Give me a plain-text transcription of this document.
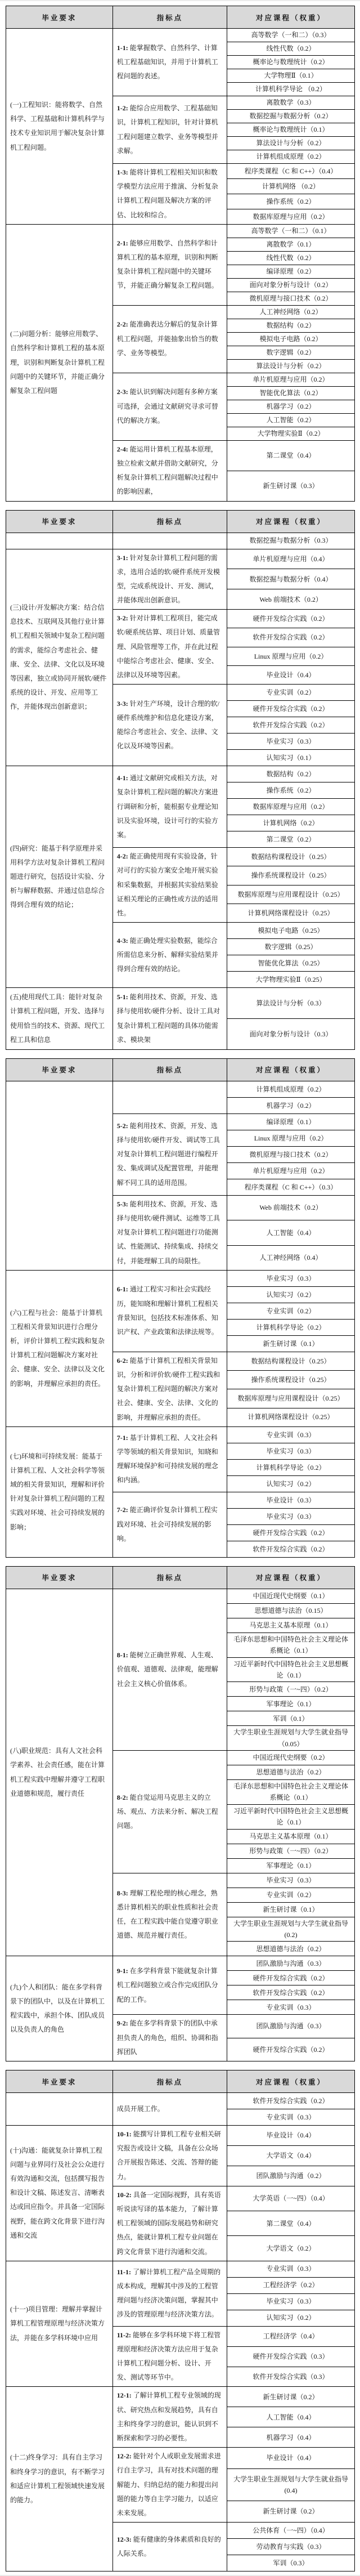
毕业要求	指标点	对应课程（权重）
(一)工程知识：能将数学、自然科学、工程基础和计算机科学与技术专业知识用于解决复杂计算机工程问题。	1-1: 能掌握数学、自然科学、计算机工程基础知识，并用于计算机工程问题的表述。	高等数学（一和二）（0.3）
		线性代数（0.2）
		概率论与数理统计（0.2）
		大学物理Ⅱ（0.1）
		计算机科学导论 （0.2）
	1-2: 能综合应用数学、工程基础知识，计算机工程知识，针对计算机工程问题建立数学、业务等模型并求解。	离散数学（0.3）
		数据挖掘与数据分析（0.2）
		概率论与数理统计（0.1）
		算法设计与分析（0.2）
		计算机组成原理（0.2）
	1-3: 能将计算机工程相关知识和数学模型方法应用于推演、分析复杂计算机工程问题及解决方案的评估、比较和综合。	程序类课程（C 和 C++）（0.4）
		计算机网络 （0.2）
		操作系统（0.2）
		数据库原理与应用（0.2）
(二)问题分析：能够应用数学、自然科学和计算机工程的基本原理，识别和判断复杂计算机工程问题中的关键环节，并能正确分解复杂工程问题	2-1: 能够应用数学、自然科学和计算机工程的基本原理，识别和判断复杂计算机工程问题中的关键环节，并能正确分解复杂工程问题。	高等数学（一和二）（0.1）
		离散数学（0.1）
		线性代数（0.2）
		编译原理（0.2）
		面向对象分析与设计（0.2）
		微机原理与接口技术（0.2）
	2-2: 能准确表达分解后的复杂计算机工程问题，并能抽象出恰当的数学、业务等模型。	人工神经网络（0.2）
		数据结构（0.2）
		模拟电子电路（0.2）
		数字逻辑（0.2）
		算法设计与分析（0.2）
	2-3: 能认识到解决问题有多种方案可选择，会通过文献研究寻求可替代的解决方案。	单片机原理与应用（0.2）
		智能优化算法（0.2）
		机器学习（0.2）
		人工智能（0.2）
		大学物理实验Ⅱ（0.2）
	2-4: 能运用计算机工程基本原理，独立检索文献并借助文献研究，分析复杂计算机工程问题解决过程中的影响因素，	第二课堂（0.4）
		新生研讨课（0.3）
毕业要求	指标点	对应课程（权重）
		数据挖掘与数据分析（0.3）
(三)设计/开发解决方案：结合信息技术、互联网及其他行业计算机工程相关领域中复杂工程问题的需求，能综合考虑社会、健康、安全、法律、文化以及环境等因素，独立或协同开展软/硬件系统的设计、开发、应用等工作，并能体现出创新意识；	3-1: 针对复杂计算机工程问题的需求，选用合适的软/硬件系统开发模型，完成系统设计、开发、测试，并能体现出创新意识。	单片机原理与应用（0.4）
		数据挖掘与数据分析（0.4）
		Web 前端技术（0.2）
	3-2: 针对计算机工程项目，能完成软/硬系统估算、项目计划、质量管理、风险管理等工作，并在此过程中能综合考虑社会、健康、安全、法律以及环境等因素。	硬件开发综合实践（0.2）
		软件开发综合实践（0.2）
		Linux 原理与应用（0.2）
		毕业设计（0.4）
	3-3: 针对生产环境，设计合理的软/硬件系统维护和信息化建设方案，能综合考虑社会、安全、法律、文化以及环境等因素。	专业实训（0.2）
		硬件开发综合实践（0.2）
		软件开发综合实践（0.2）
		毕业实习（0.3）
		认知实习（0.1）
(四)研究：能基于科学原理并采用科学方法对复杂计算机工程问题进行研究，包括设计实验、分析与解释数据、并通过信息综合得到合理有效的结论；	4-1: 通过文献研究或相关方法，对复杂计算机工程问题的解决方案进行调研和分析，能根据专业理论知识及实验环境，设计可行的实验方案。	数据结构（0.2）
		操作系统（0.2）
		数据库原理与应用（0.2）
		计算机网络（0.2）
		第二课堂（0.2）
	4-2: 能正确使用现有实验设备，针对可行的实验方案安全地开展实验和采集数据，并根据其实验结果验证相关理论的正确性或方法的适用性。	数据结构课程设计（0.25）
		操作系统课程设计（0.25）
		数据库原理与应用课程设计（0.25）
		计算机网络课程设计（0.25）
	4-3: 能正确处理实验数据，能综合所需信息来分析、解释实验结果并得到合理有效的结论。	模拟电子电路（0.25）
		数字逻辑（0.25）
		智能优化算法（0.25）
		大学物理实验Ⅱ（0.25）
(五)使用现代工具：能针对复杂计算机工程问题，开发、选择与使用恰当的技术、资源、现代工程工具和信息	5-1: 能利用技术、资源，开发、选择与使用软/硬件分析、设计工具对复杂计算机工程问题的具体功能需求、模块架	算法设计与分析（0.3）
		面向对象分析与设计（0.3）
毕业要求	指标点	对应课程（权重）
		计算机组成原理（0.2）
		机器学习（0.2）
	5-2: 能利用技术、资源，开发、选择与使用软/硬件开发、调试等工具对复杂计算机工程问题进行编程开发、集成调试及配置管理，并能理解不同工具的适用范围。	编译原理（0.1）
		Linux 原理与应用（0.2）
		微机原理与接口技术（0.2）
		单片机原理与应用（0.2）
		程序类课程（C 和 C++）（0.3）
	5-3: 能利用技术、资源，开发、选择与使用软/硬件测试、运维等工具对复杂计算机工程问题进行功能测试、性能测试、持续集成、持续交付，并能理解工具的局限性。	Web 前端技术（0.2）
		人工智能（0.4）
		人工神经网络（0.4）
(六)工程与社会：能基于计算机工程相关背景知识进行合理分析，评价计算机工程实践和复杂计算机工程问题解决方案对社会、健康、安全、法律以及文化的影响，并理解应承担的责任。	6-1: 通过工程实习和社会实践经历，能知晓和理解计算机工程相关背景知识，包括技术标准体系、知识产权、产业政策和法律法规等。	毕业实习（0.3）
		认知实习（0.2）
		专业实训（0.2）
		计算机科学导论（0.2）
		新生研讨课（0.1）
	6-2: 能基于计算机工程相关背景知识，分析和评价软/硬件工程实践和复杂计算机工程问题的解决方案对社会、健康、安全、法律、文化的影响，并理解应承担的责任。	数据结构课程设计（0.25）
		操作系统课程设计（0.25）
		数据库原理与应用课程设计（0.25）
		计算机网络课程设计（0.25）
(七)环境和可持续发展：能基于计算机工程、人文社会科学等领域的相关背景知识，理解和评价针对复杂计算机工程问题的工程实践对环境、社会可持续发展的影响；	7-1: 基于计算机工程、人文社会科学等领域的相关背景知识，知晓和理解环境保护和可持续发展的理念和内涵。	专业实训（0.3）
		毕业实习（0.3）
		计算机科学导论（0.2）
		认知实习（0.2）
	7-2: 能正确评价复杂计算机工程实践对环境、社会可持续发展的影响。	毕业设计（0.3）
		毕业实习（0.3）
		硬件开发综合实践（0.2）
		软件开发综合实践（0.2）
毕业要求	指标点	对应课程（权重）
(八)职业规范：具有人文社会科学素养、社会责任感，能在计算机工程实践中理解并遵守工程职业道德和规范，履行责任	8-1: 能树立正确世界观、人生观、价值观、道德观、法律观，能理解社会主义核心价值体系。	中国近现代史纲要（0.1）
		思想道德与法治（0.15）
		马克思主义基本原理（0.1）
		毛泽东思想和中国特色社会主义理论体系概论（0.1）
		习近平新时代中国特色社会主义思想概论（0.1）
		形势与政策（一~四）（0.2）
		军事理论（0.1）
		军训（0.1）
		大学生职业生涯规划与大学生就业指导（0.05）
	8-2: 能自觉运用马克思主义的立场、观点、方法来分析、解决工程问题。	中国近现代史纲要（0.2）
		思想道德与法治（0.2）
		毛泽东思想和中国特色社会主义理论体系概论（0.1）
		习近平新时代中国特色社会主义思想概论（0.1）
		马克思主义基本原理（0.1）
		形势与政策（一~四）（0.2）
		军事理论（0.1）
	8-3: 理解工程伦理的核心理念，熟悉计算机相关的职业性质和社会责任，在工程实践中能自觉遵守职业道德、规范并履行责任。	毕业实习（0.3）
		专业实训（0.2）
		新生研讨课（0.1）
		大学生职业生涯规划与大学生就业指导(0.2)
		思想道德与法治（0.2）
(九)个人和团队：能在多学科背景下的团队中，以及在计算机工程实践中，承担个体、团队成员以及负责人的角色	9-1: 在多学科背景下能就复杂计算机工程问题独立或合作完成团队分配的工作。	团队激励与沟通（0.3）
		硬件开发综合实践（0.2）
		软件开发综合实践（0.2）
		专业实训（0.3）
	9-2: 能在多学科背景下的团队中承担负责人的角色，组织、协调和指挥团队	团队激励与沟通（0.3）
		硬件开发综合实践（0.2）
毕业要求	指标点	对应课程（权重）
	成员开展工作。	软件开发综合实践（0.2）
		专业实训（0.3）
(十)沟通：能就复杂计算机工程问题与业界同行及社会公众进行有效沟通和交流，包括撰写报告和设计文稿、陈述发言、清晰表达或回应指令。并具备一定国际视野，能在跨文化背景下进行沟通和交流	10-1: 能撰写计算机工程专业相关研究报告或设计文稿，具备在公众场合开展报告陈述、交流、答辩的能力。	毕业设计（0.4）
		大学语文（0.4）
		团队激励与沟通（0.2）
	10-2: 具备一定国际视野，具有英语听说读写译的基本能力，了解计算机工程领域的国际发展趋势和研究热点，能就计算机工程专业问题在跨文化背景下进行沟通和交流。	大学英语（一~四）（0.4）
		第二课堂（0.4）
		大学语文（0.2）
(十一)项目管理：理解并掌握计算机工程管理原理与经济决策方法，并能在多学科环境中应用	11-1: 了解计算机工程产品全周期的成本构成，理解其中涉及的工程管理问题与经济决策问题，掌握其中涉及的管理原理与经济决策方法。	专业实训（0.3）
		工程经济学（0.2）
		毕业实习（0.3）
		认知实习（0.2）
	11-2: 能够在多学科环境下将工程管理原理和经济决策方法应用于复杂计算机工程问题分析、设计、开发、测试等环节中。	工程经济学（0.4）
		硬件开发综合实践（0.3）
		软件开发综合实践（0.3）
(十二)终身学习：具有自主学习和终身学习的意识，有不断学习和适应计算机工程领域快速发展的能力。	12-1: 了解计算机工程专业领域的现状、研究热点和发展趋势，具有自主和终身学习的意识，能认识到不断探索和学习的必要性。	新生研讨课（0.2）
		人工智能（0.4）
		机器学习（0.4）
	12-2: 能针对个人或职业发展需求进行自主学习，具有对技术问题的理解能力、归纳总结的能力和提出问题的能力等自主学习能力，以适应未来发展。	毕业设计（0.4）
		大学生职业生涯规划与大学生就业指导(0.4)
		新生研讨课（0.2）
	12-3: 能有健康的身体素质和良好的人际关系。	公共体育（一~四）（0.4）
		劳动教育与实践（0.3）
		军训（0.3）
